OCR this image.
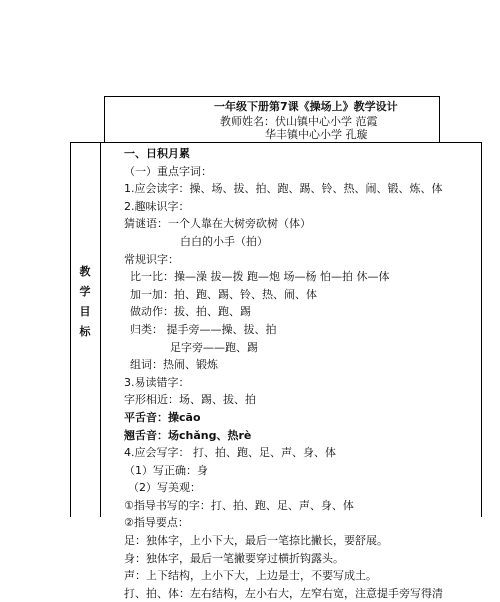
一年级下册第7课《操场上》教学设计
教师姓名：伏山镇中心小学 范霞
华丰镇中心小学 孔璇
教
学
目
标
一、日积月累
（一）重点字词：
1.应会读字：操、场、拔、拍、跑、踢、铃、热、闹、锻、炼、体
2.趣味识字：
猜谜语：一个人靠在大树旁砍树（体）
白白的小手（拍）
常规识字：
比一比：操—澡 拔—拨 跑—炮 场—杨 怕—拍 休—体
加一加：拍、跑、踢、铃、热、闹、体
做动作：拔、拍、跑、踢
归类： 提手旁——操、拔、拍
足字旁——跑、踢
组词：热闹、锻炼
3.易读错字：
字形相近：场、踢、拔、拍
平舌音：操cāo
翘舌音：场chǎng、热rè
4.应会写字： 打、拍、跑、足、声、身、体
（1）写正确：身
（2）写美观：
①指导书写的字：打、拍、跑、足、声、身、体
②指导要点：
足：独体字，上小下大，最后一笔捺比撇长，要舒展。
身：独体字，最后一笔撇要穿过横折钩露头。
声：上下结构，上小下大，上边是士，不要写成土。
打、拍、体：左右结构，左小右大，左窄右宽，注意提手旁写得清
